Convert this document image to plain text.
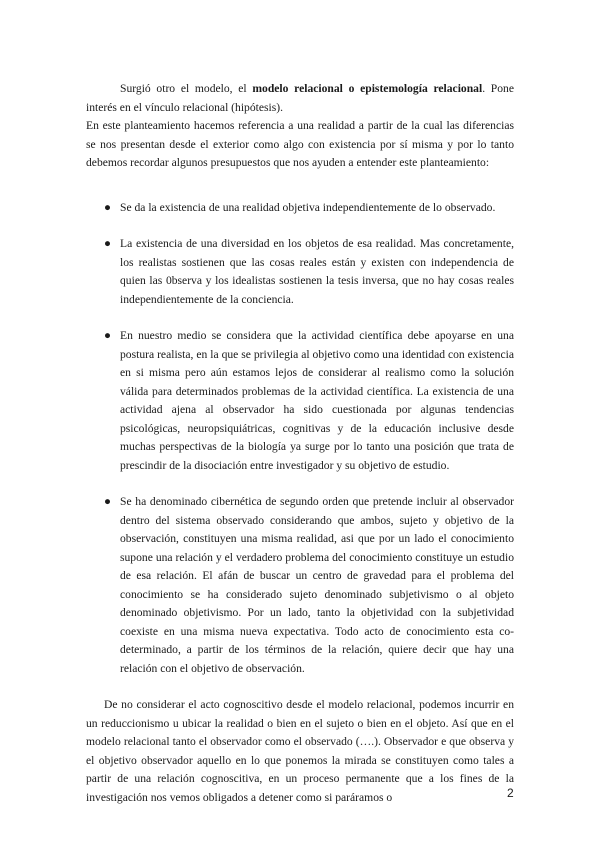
Surgió otro el modelo, el modelo relacional o epistemología relacional. Pone interés en el vínculo relacional (hipótesis).

En este planteamiento hacemos referencia a una realidad a partir de la cual las diferencias se nos presentan desde el exterior como algo con existencia por sí misma y por lo tanto debemos recordar algunos presupuestos que nos ayuden a entender este planteamiento:

● Se da la existencia de una realidad objetiva independientemente de lo observado.
● La existencia de una diversidad en los objetos de esa realidad. Mas concretamente, los realistas sostienen que las cosas reales están y existen con independencia de quien las 0bserva y los idealistas sostienen la tesis inversa, que no hay cosas reales independientemente de la conciencia.
● En nuestro medio se considera que la actividad científica debe apoyarse en una postura realista, en la que se privilegia al objetivo como una identidad con existencia en si misma pero aún estamos lejos de considerar al realismo como la solución válida para determinados problemas de la actividad científica. La existencia de una actividad ajena al observador ha sido cuestionada por algunas tendencias psicológicas, neuropsiquiátricas, cognitivas y de la educación inclusive desde muchas perspectivas de la biología ya surge por lo tanto una posición que trata de prescindir de la disociación entre investigador y su objetivo de estudio.
● Se ha denominado cibernética de segundo orden que pretende incluir al observador dentro del sistema observado considerando que ambos, sujeto y objetivo de la observación, constituyen una misma realidad, asi que por un lado el conocimiento supone una relación y el verdadero problema del conocimiento constituye un estudio de esa relación. El afán de buscar un centro de gravedad para el problema del conocimiento se ha considerado sujeto denominado subjetivismo o al objeto denominado objetivismo. Por un lado, tanto la objetividad con la subjetividad coexiste en una misma nueva expectativa. Todo acto de conocimiento esta co-determinado, a partir de los términos de la relación, quiere decir que hay una relación con el objetivo de observación.

De no considerar el acto cognoscitivo desde el modelo relacional, podemos incurrir en un reduccionismo u ubicar la realidad o bien en el sujeto o bien en el objeto. Así que en el modelo relacional tanto el observador como el observado (….). Observador e que observa y el objetivo observador aquello en lo que ponemos la mirada se constituyen como tales a partir de una relación cognoscitiva, en un proceso permanente que a los fines de la investigación nos vemos obligados a detener como si paráramos o	2
